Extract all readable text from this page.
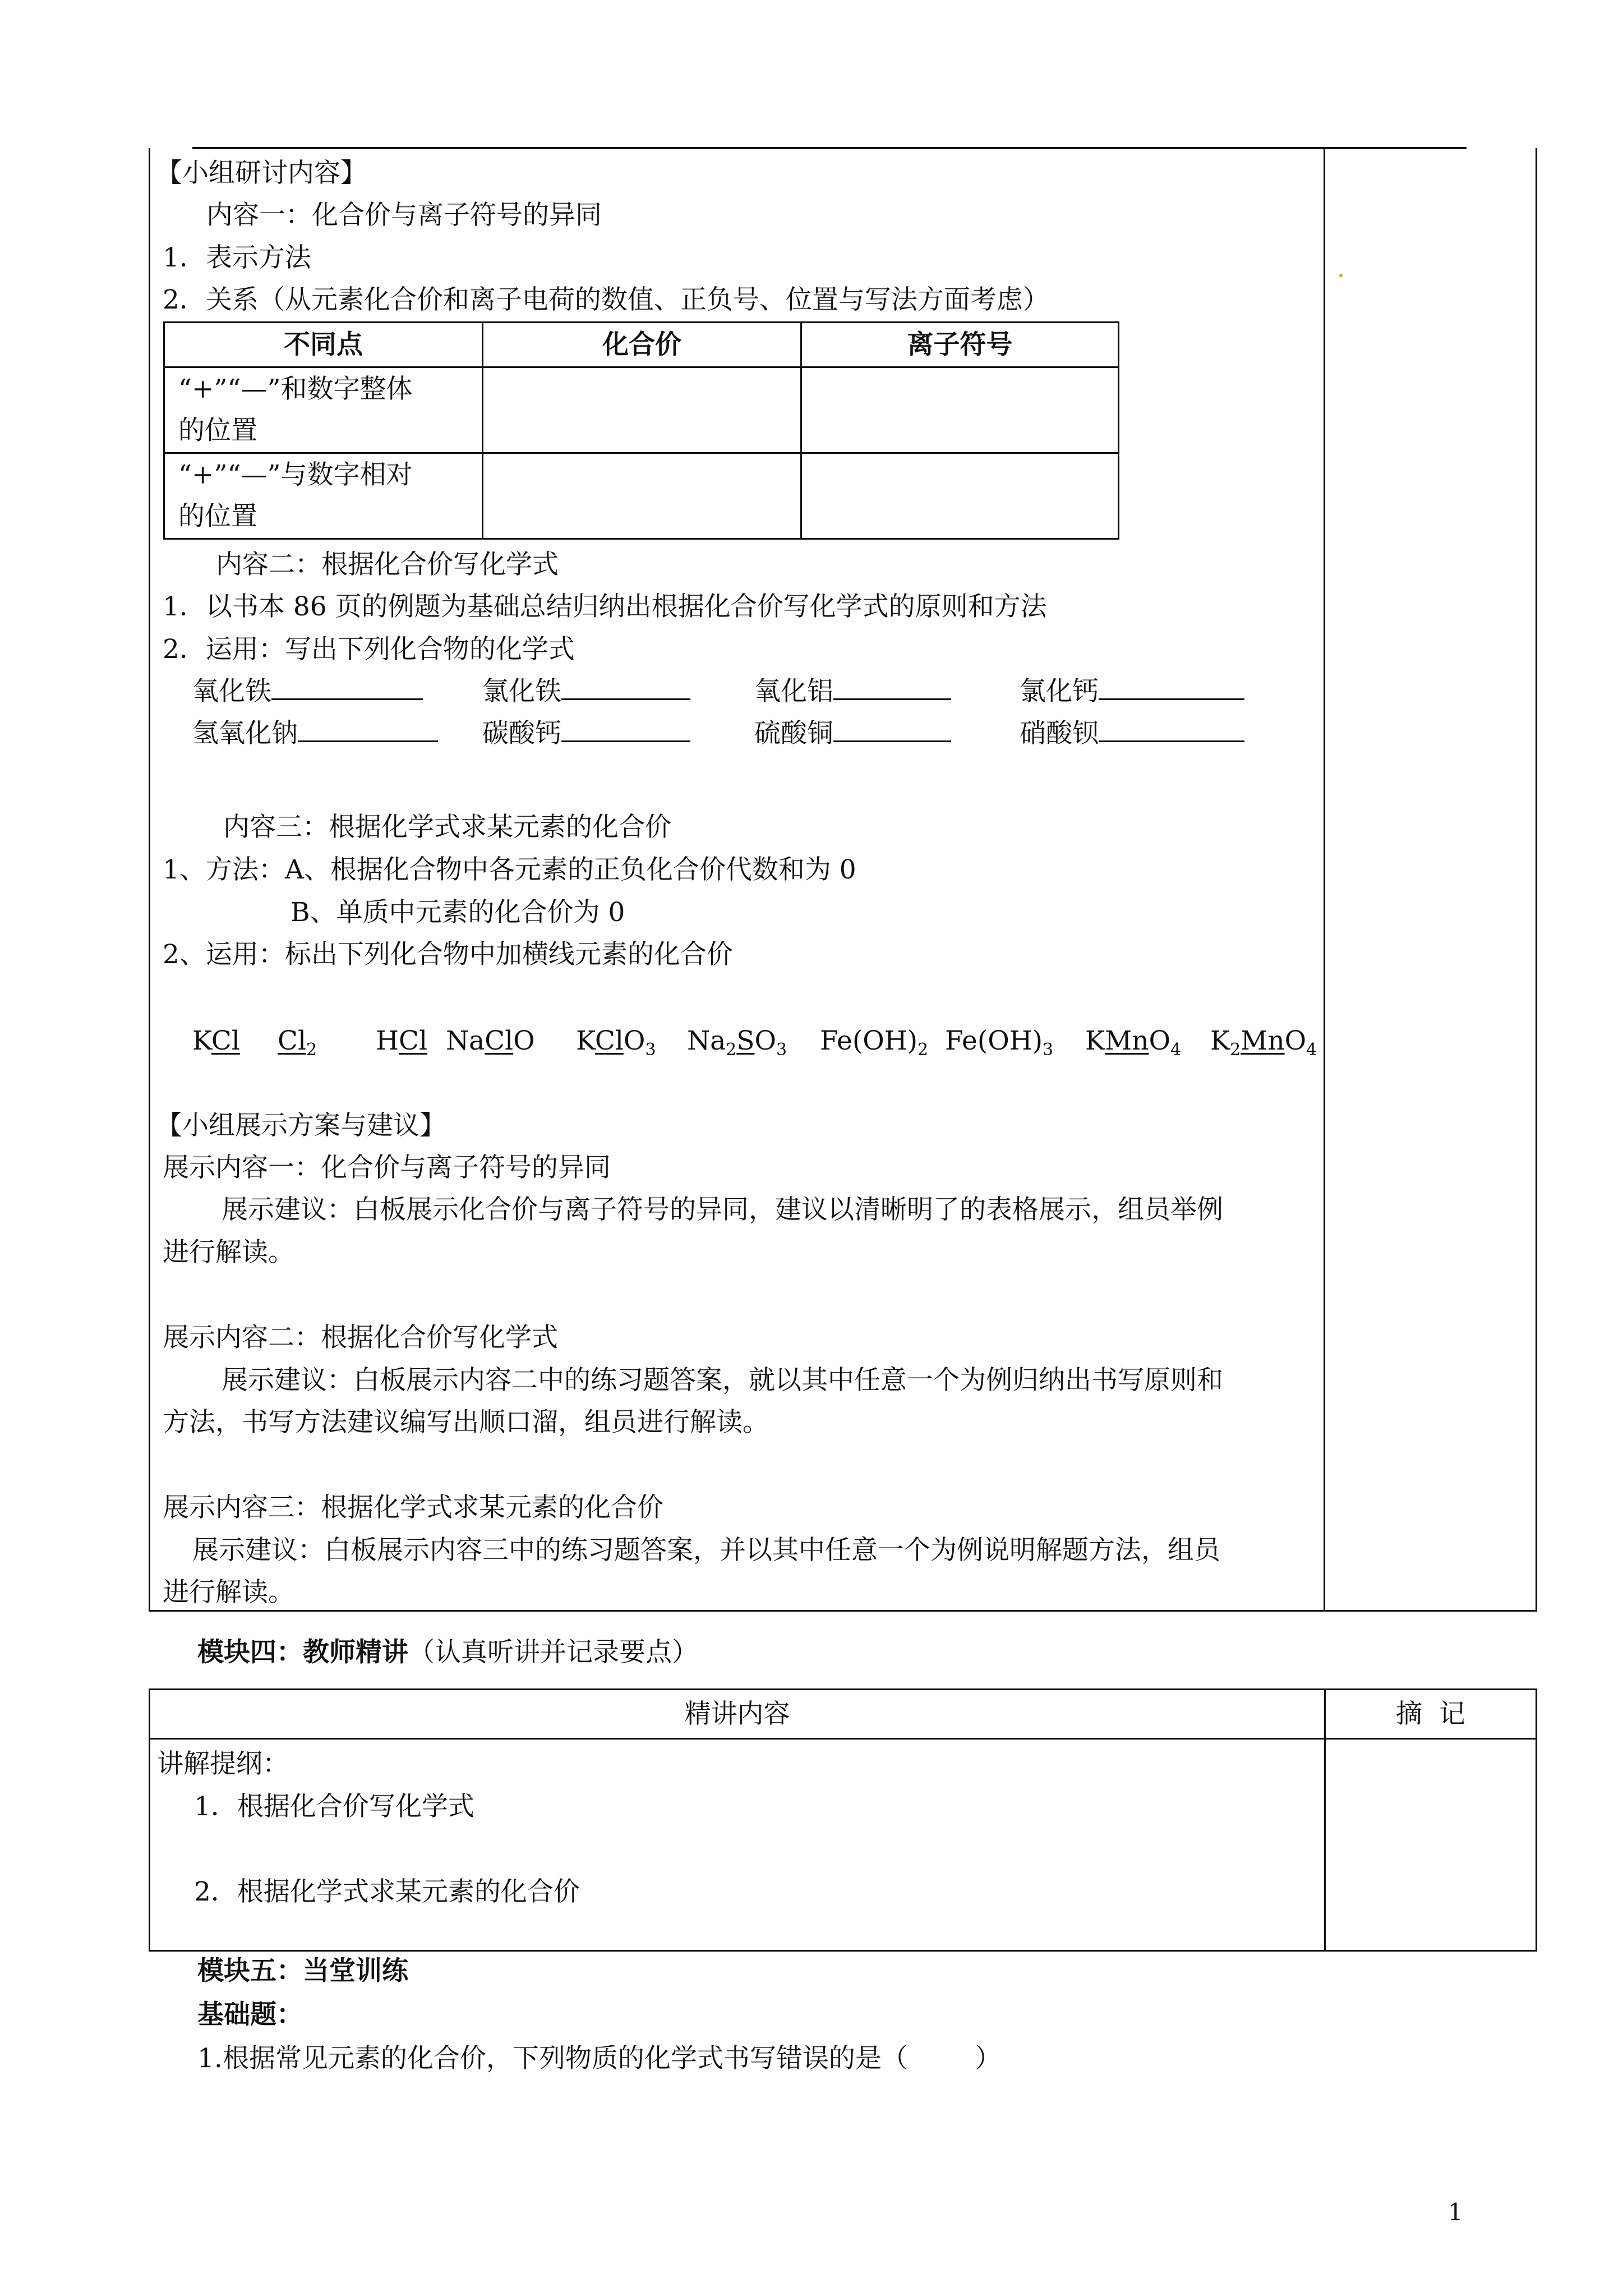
【小组研讨内容】
内容一：化合价与离子符号的异同
1．表示方法
2．关系（从元素化合价和离子电荷的数值、正负号、位置与写法方面考虑）
不同点	化合价	离子符号

“+”“—”和数字整体
的位置		

“+”“—”与数字相对
的位置		

内容二：根据化合价写化学式
1．以书本 86 页的例题为基础总结归纳出根据化合价写化学式的原则和方法
2．运用：写出下列化合物的化学式
氧化铁	氯化铁	氧化铝	氯化钙
氢氧化钠	碳酸钙	硫酸铜	硝酸钡
内容三：根据化学式求某元素的化合价
1、方法：A、根据化合物中各元素的正负化合价代数和为 0
B、单质中元素的化合价为 0
2、运用：标出下列化合物中加横线元素的化合价
KCl $Cl_2$ HCl NaClO KClO$_3$ $Na_2SO_3$ $Fe(OH)_2$ $Fe(OH)_3$ KMnO$_4$ $K_2MnO_4$
【小组展示方案与建议】
展示内容一：化合价与离子符号的异同
展示建议：白板展示化合价与离子符号的异同，建议以清晰明了的表格展示，组员举例
进行解读。
展示内容二：根据化合价写化学式
展示建议：白板展示内容二中的练习题答案，就以其中任意一个为例归纳出书写原则和
方法，书写方法建议编写出顺口溜，组员进行解读。
展示内容三：根据化学式求某元素的化合价
展示建议：白板展示内容三中的练习题答案，并以其中任意一个为例说明解题方法，组员
进行解读。
模块四：教师精讲（认真听讲并记录要点）
精讲内容	摘  记

讲解提纲：
1．根据化合价写化学式
2．根据化学式求某元素的化合价	

模块五：当堂训练
基础题：
1.根据常见元素的化合价，下列物质的化学式书写错误的是（        ）
1
